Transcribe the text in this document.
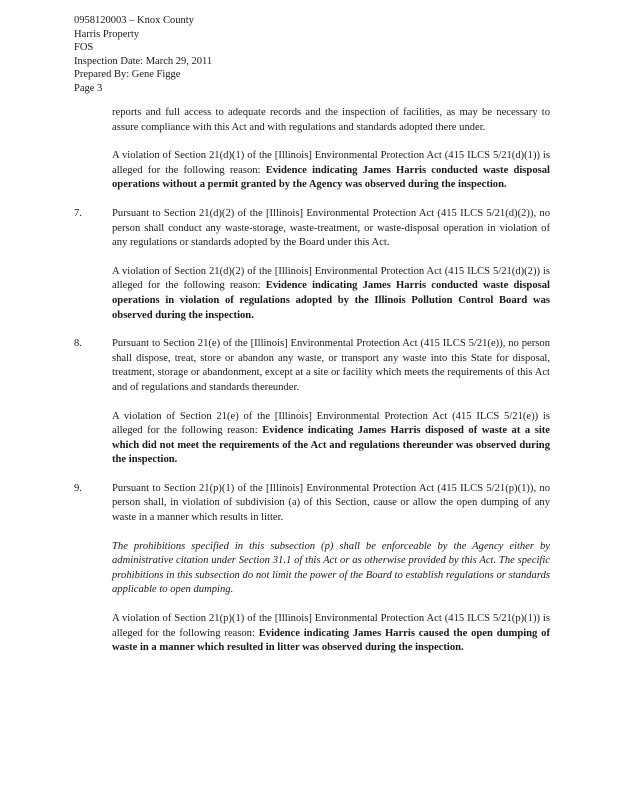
0958120003 – Knox County
Harris Property
FOS
Inspection Date: March 29, 2011
Prepared By: Gene Figge
Page 3

reports and full access to adequate records and the inspection of facilities, as may be necessary to assure compliance with this Act and with regulations and standards adopted there under.

A violation of Section 21(d)(1) of the [Illinois] Environmental Protection Act (415 ILCS 5/21(d)(1)) is alleged for the following reason: Evidence indicating James Harris conducted waste disposal operations without a permit granted by the Agency was observed during the inspection.

7.	Pursuant to Section 21(d)(2) of the [Illinois] Environmental Protection Act (415 ILCS 5/21(d)(2)), no person shall conduct any waste-storage, waste-treatment, or waste-disposal operation in violation of any regulations or standards adopted by the Board under this Act.

A violation of Section 21(d)(2) of the [Illinois] Environmental Protection Act (415 ILCS 5/21(d)(2)) is alleged for the following reason: Evidence indicating James Harris conducted waste disposal operations in violation of regulations adopted by the Illinois Pollution Control Board was observed during the inspection.

8.	Pursuant to Section 21(e) of the [Illinois] Environmental Protection Act (415 ILCS 5/21(e)), no person shall dispose, treat, store or abandon any waste, or transport any waste into this State for disposal, treatment, storage or abandonment, except at a site or facility which meets the requirements of this Act and of regulations and standards thereunder.

A violation of Section 21(e) of the [Illinois] Environmental Protection Act (415 ILCS 5/21(e)) is alleged for the following reason: Evidence indicating James Harris disposed of waste at a site which did not meet the requirements of the Act and regulations thereunder was observed during the inspection.

9.	Pursuant to Section 21(p)(1) of the [Illinois] Environmental Protection Act (415 ILCS 5/21(p)(1)), no person shall, in violation of subdivision (a) of this Section, cause or allow the open dumping of any waste in a manner which results in litter.

The prohibitions specified in this subsection (p) shall be enforceable by the Agency either by administrative citation under Section 31.1 of this Act or as otherwise provided by this Act. The specific prohibitions in this subsection do not limit the power of the Board to establish regulations or standards applicable to open dumping.

A violation of Section 21(p)(1) of the [Illinois] Environmental Protection Act (415 ILCS 5/21(p)(1)) is alleged for the following reason: Evidence indicating James Harris caused the open dumping of waste in a manner which resulted in litter was observed during the inspection.
